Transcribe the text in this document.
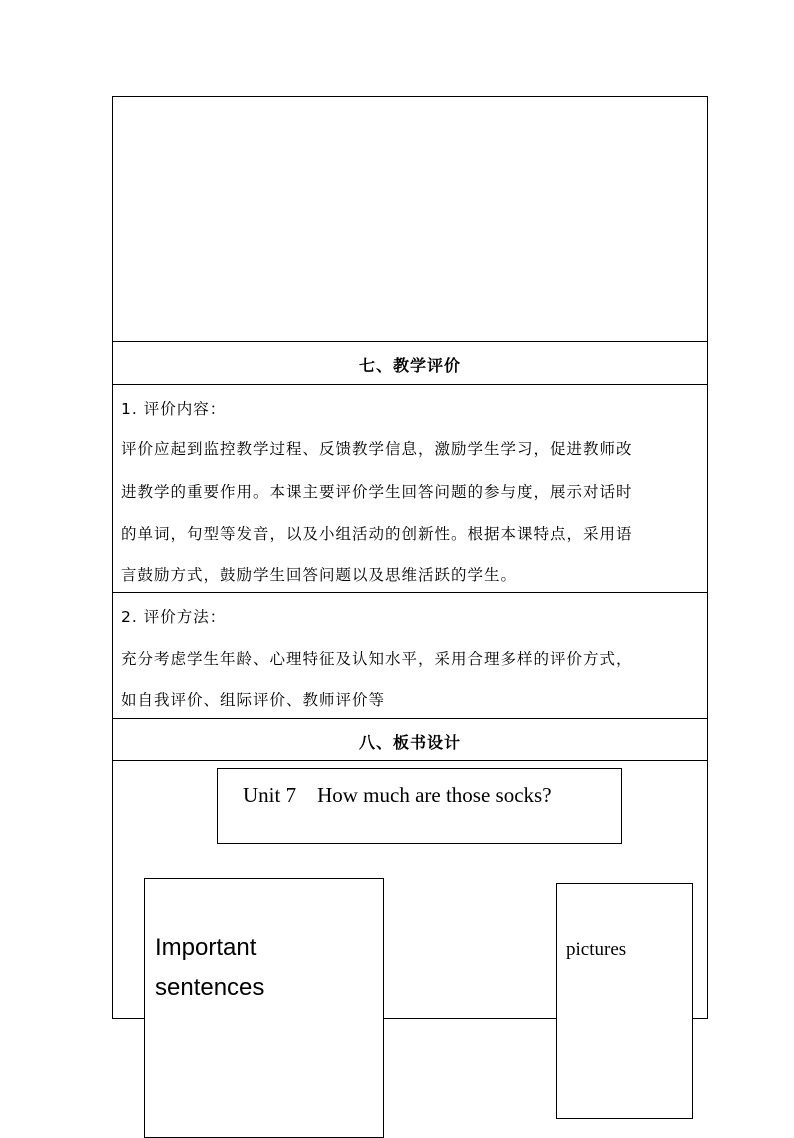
七、教学评价
1. 评价内容：
评价应起到监控教学过程、反馈教学信息，激励学生学习，促进教师改
进教学的重要作用。本课主要评价学生回答问题的参与度，展示对话时
的单词，句型等发音，以及小组活动的创新性。根据本课特点，采用语
言鼓励方式，鼓励学生回答问题以及思维活跃的学生。
2. 评价方法：
充分考虑学生年龄、心理特征及认知水平，采用合理多样的评价方式，
如自我评价、组际评价、教师评价等
八、板书设计
Unit 7    How much are those socks?
Important
sentences
pictures
